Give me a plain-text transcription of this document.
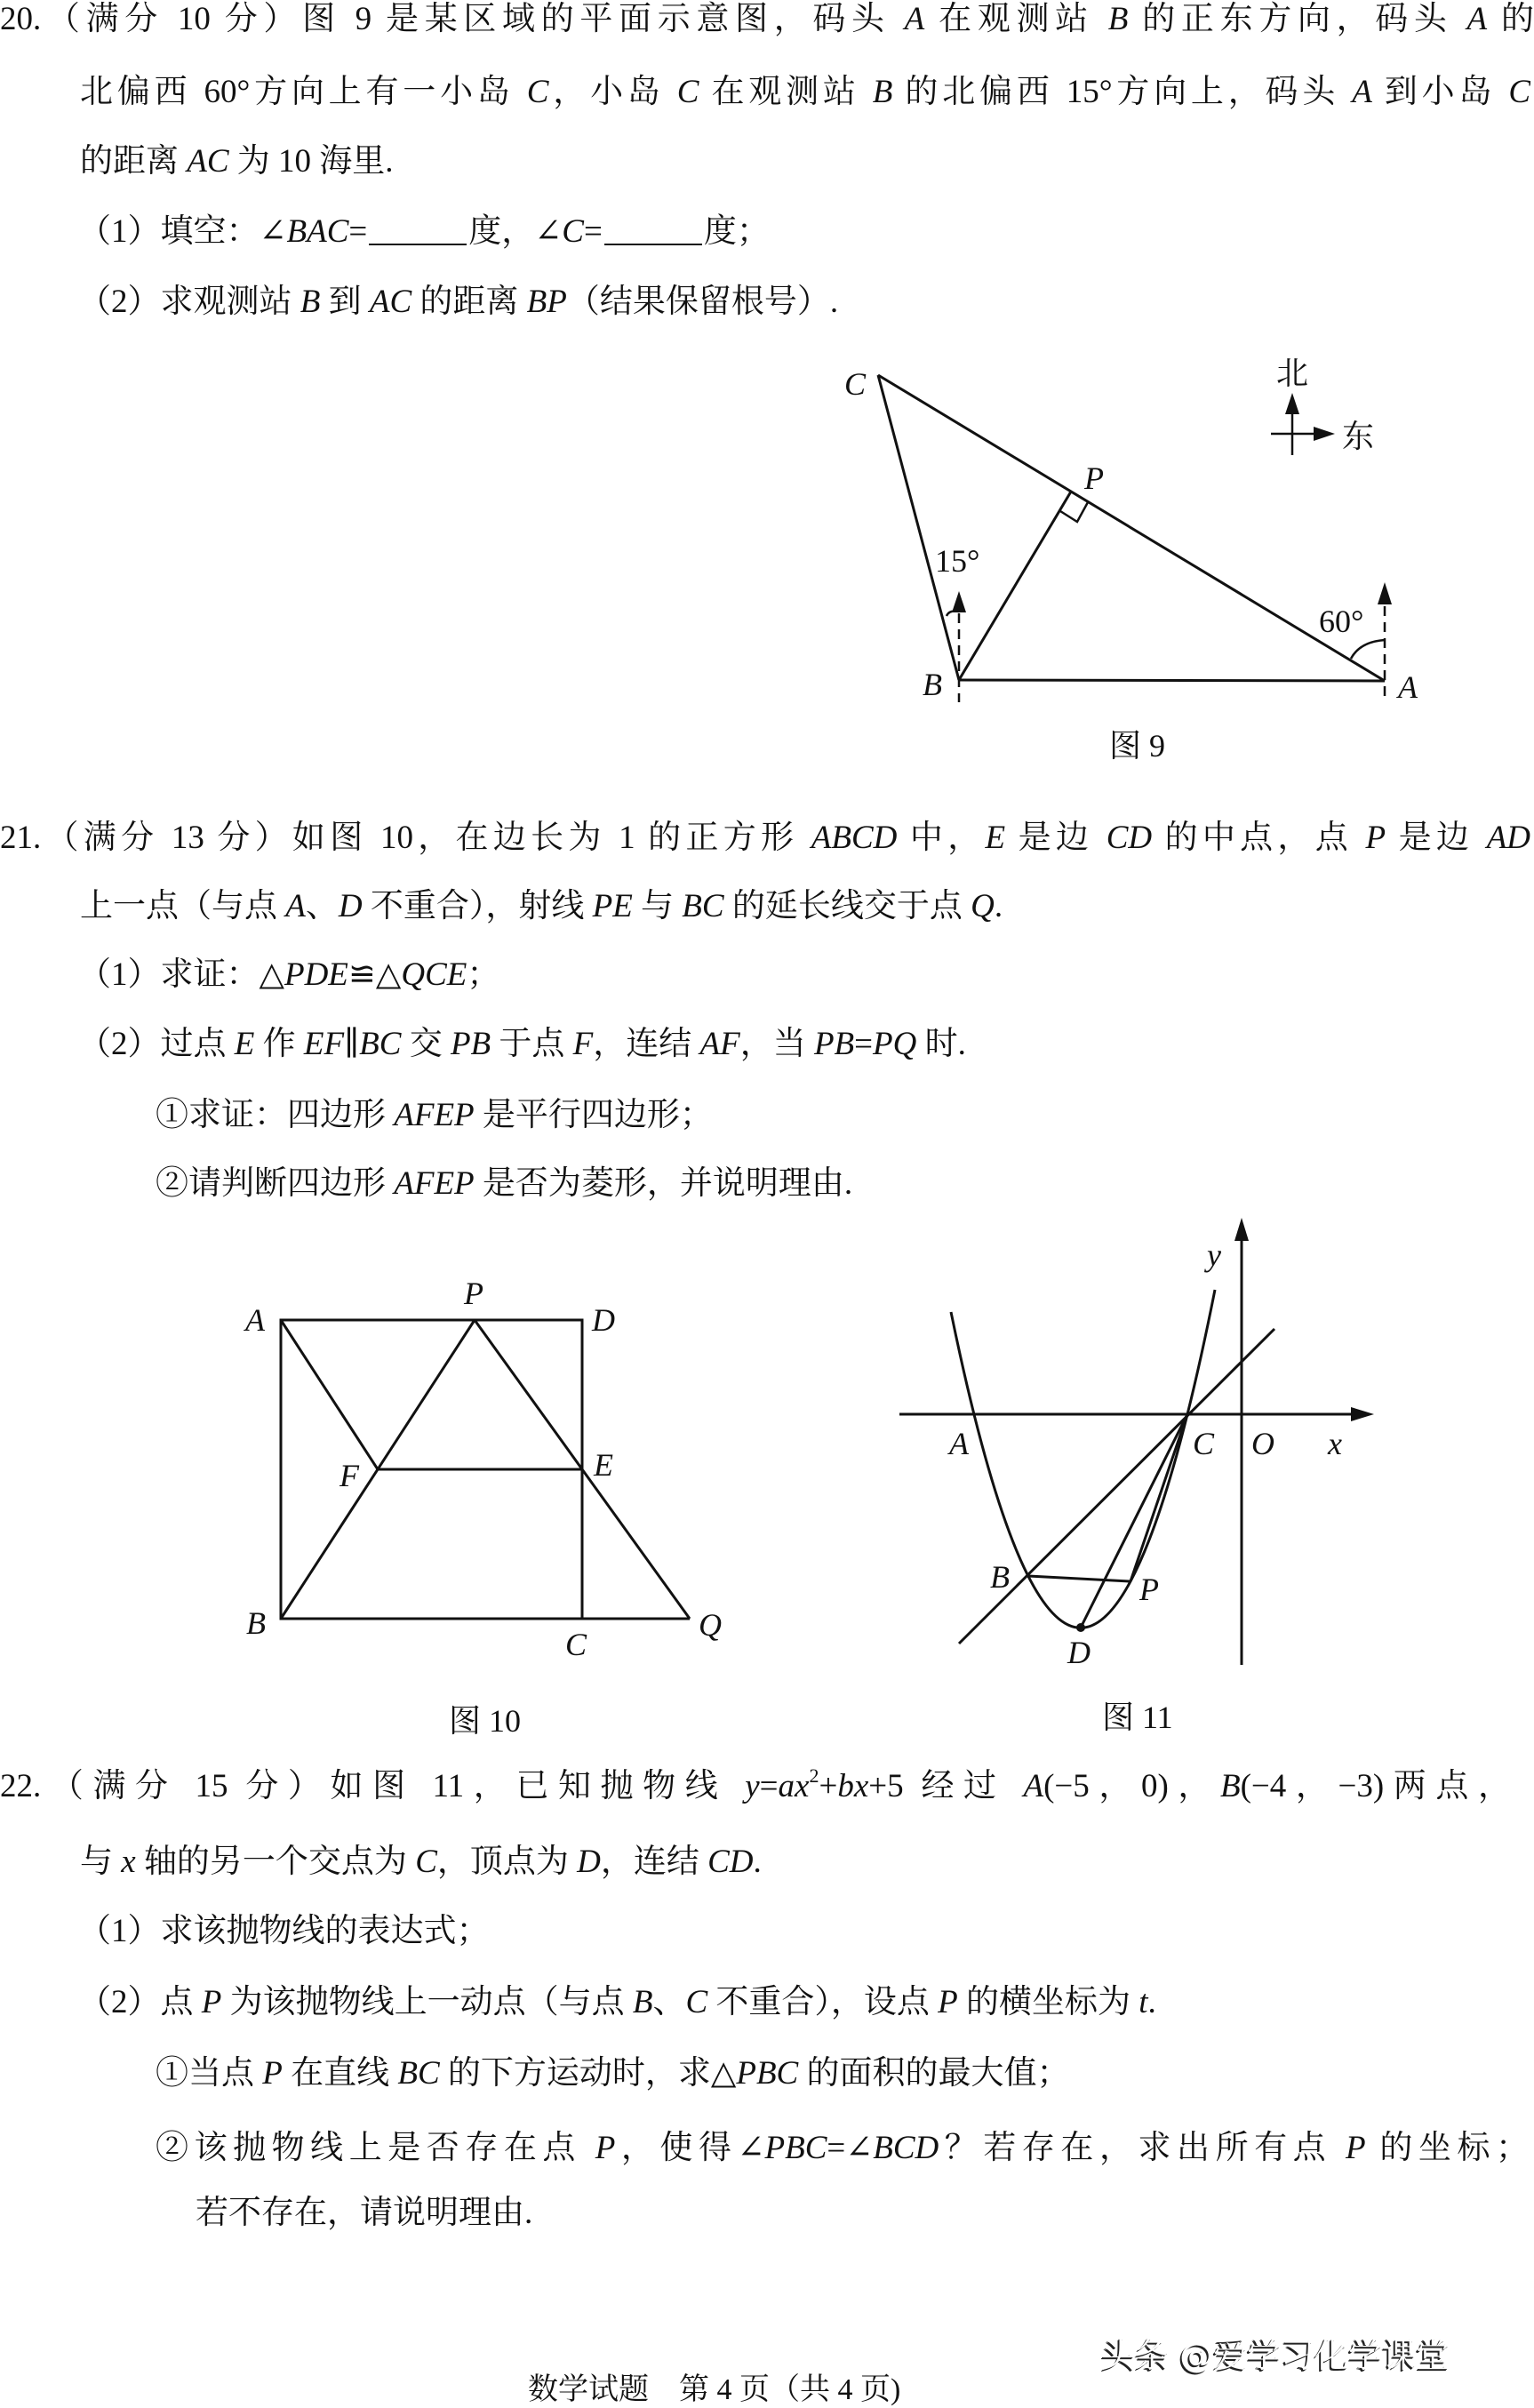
20.（满分 10 分）图 9 是某区域的平面示意图，码头 A 在观测站 B 的正东方向，码头 A 的
北偏西 60°方向上有一小岛 C，小岛 C 在观测站 B 的北偏西 15°方向上，码头 A 到小岛 C
的距离 AC 为 10 海里.
（1）填空：∠BAC=	度，∠C=	度；
（2）求观测站 B 到 AC 的距离 BP（结果保留根号）.
C
P
B	A
15°
60°
北
东
图 9
21.（满分 13 分）如图 10，在边长为 1 的正方形 ABCD 中，E 是边 CD 的中点，点 P 是边 AD
上一点（与点 A、D 不重合），射线 PE 与 BC 的延长线交于点 Q.
（1）求证：△PDE≌△QCE；
（2）过点 E 作 EF∥BC 交 PB 于点 F，连结 AF，当 PB=PQ 时.
①求证：四边形 AFEP 是平行四边形；
②请判断四边形 AFEP 是否为菱形，并说明理由.
A
P
D
E
F
B
C
Q
图 10
y
A	C O x
B	P
D
图 11
22.（满分 15 分）如图 11，已知抛物线 $y=ax^2+bx+5$ 经过 A(−5，0)，B(−4，−3)两点，
与 x 轴的另一个交点为 C，顶点为 D，连结 CD.
（1）求该抛物线的表达式；
（2）点 P 为该抛物线上一动点（与点 B、C 不重合），设点 P 的横坐标为 t.
①当点 P 在直线 BC 的下方运动时，求△PBC 的面积的最大值；
②该抛物线上是否存在点 P，使得∠PBC=∠BCD？若存在，求出所有点 P 的坐标；
若不存在，请说明理由.
头条 @爱学习化学课堂
数学试题　第 4 页（共 4 页)
